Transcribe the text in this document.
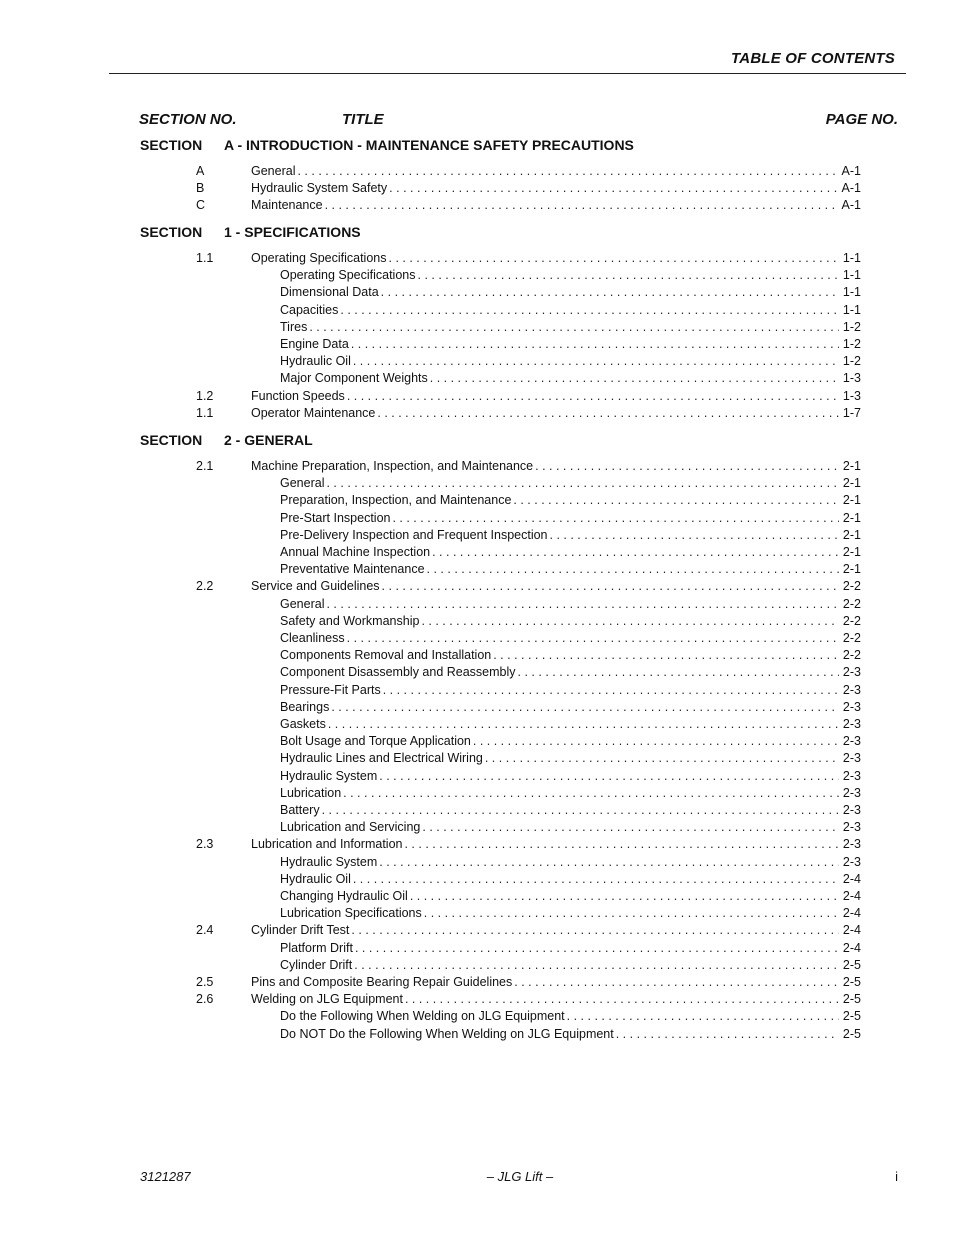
TABLE OF CONTENTS
SECTION NO.	TITLE	PAGE NO.
SECTION A - INTRODUCTION - MAINTENANCE SAFETY PRECAUTIONS
A	General . . .	A-1
B	Hydraulic System Safety . . .	A-1
C	Maintenance . . .	A-1
SECTION 1 - SPECIFICATIONS
1.1	Operating Specifications . . .	1-1
Operating Specifications . . .	1-1
Dimensional Data . . .	1-1
Capacities . . .	1-1
Tires . . .	1-2
Engine Data . . .	1-2
Hydraulic Oil . . .	1-2
Major Component Weights . . .	1-3
1.2	Function Speeds . . .	1-3
1.1	Operator Maintenance . . .	1-7
SECTION 2 - GENERAL
2.1	Machine Preparation, Inspection, and Maintenance . . .	2-1
General . . .	2-1
Preparation, Inspection, and Maintenance . . .	2-1
Pre-Start Inspection . . .	2-1
Pre-Delivery Inspection and Frequent Inspection . . .	2-1
Annual Machine Inspection . . .	2-1
Preventative Maintenance . . .	2-1
2.2	Service and Guidelines . . .	2-2
General . . .	2-2
Safety and Workmanship . . .	2-2
Cleanliness . . .	2-2
Components Removal and Installation . . .	2-2
Component Disassembly and Reassembly . . .	2-3
Pressure-Fit Parts . . .	2-3
Bearings . . .	2-3
Gaskets . . .	2-3
Bolt Usage and Torque Application . . .	2-3
Hydraulic Lines and Electrical Wiring . . .	2-3
Hydraulic System . . .	2-3
Lubrication . . .	2-3
Battery . . .	2-3
Lubrication and Servicing . . .	2-3
2.3	Lubrication and Information . . .	2-3
Hydraulic System . . .	2-3
Hydraulic Oil . . .	2-4
Changing Hydraulic Oil . . .	2-4
Lubrication Specifications . . .	2-4
2.4	Cylinder Drift Test . . .	2-4
Platform Drift . . .	2-4
Cylinder Drift . . .	2-5
2.5	Pins and Composite Bearing Repair Guidelines . . .	2-5
2.6	Welding on JLG Equipment . . .	2-5
Do the Following When Welding on JLG Equipment . . .	2-5
Do NOT Do the Following When Welding on JLG Equipment . . .	2-5
3121287	– JLG Lift –	i
